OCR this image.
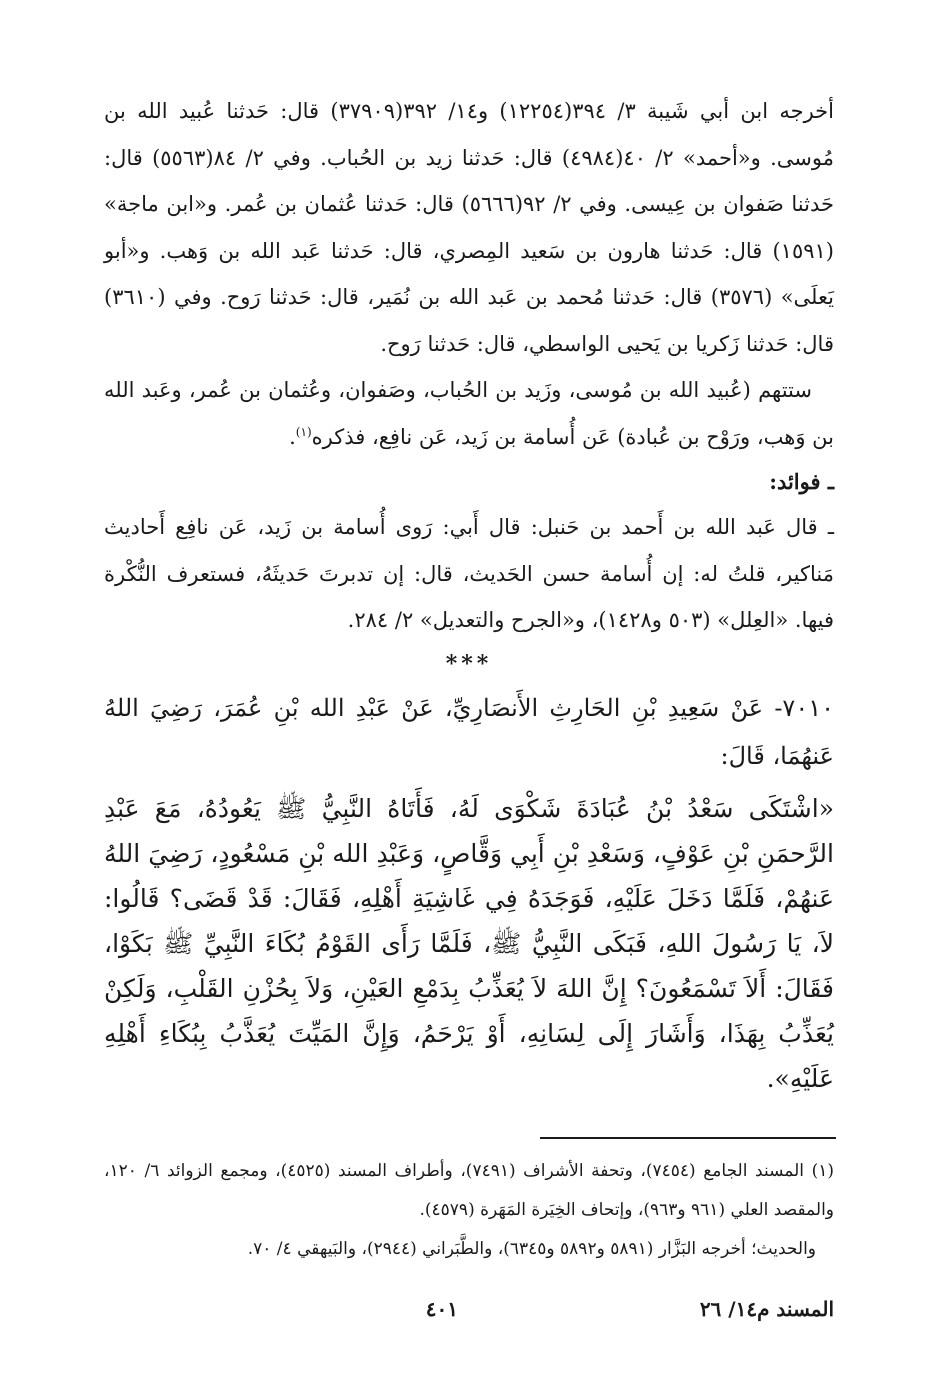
أخرجه ابن أبي شَيبة ٣/ ٣٩٤(١٢٢٥٤) و١٤/ ٣٩٢(٣٧٩٠٩) قال: حَدثنا عُبيد الله بن مُوسى. و«أحمد» ٢/ ٤٠(٤٩٨٤) قال: حَدثنا زيد بن الحُباب. وفي ٢/ ٨٤(٥٥٦٣) قال: حَدثنا صَفوان بن عِيسى. وفي ٢/ ٩٢(٥٦٦٦) قال: حَدثنا عُثمان بن عُمر. و«ابن ماجة» (١٥٩١) قال: حَدثنا هارون بن سَعيد المِصري، قال: حَدثنا عَبد الله بن وَهب. و«أبو يَعلَى» (٣٥٧٦) قال: حَدثنا مُحمد بن عَبد الله بن نُمَير، قال: حَدثنا رَوح. وفي (٣٦١٠) قال: حَدثنا زَكريا بن يَحيى الواسطي، قال: حَدثنا رَوح.

ستتهم (عُبيد الله بن مُوسى، وزَيد بن الحُباب، وصَفوان، وعُثمان بن عُمر، وعَبد الله بن وَهب، ورَوْح بن عُبادة) عَن أُسامة بن زَيد، عَن نافِع، فذكره$^{(١)}$.

ـ فوائد:

ـ قال عَبد الله بن أَحمد بن حَنبل: قال أَبي: رَوى أُسامة بن زَيد، عَن نافِع أَحاديث مَناكير، قلتُ له: إن أُسامة حسن الحَديث، قال: إن تدبرتَ حَديثَهُ، فستعرف النُّكْرة فيها. «العِلل» (٥٠٣ و١٤٢٨)، و«الجرح والتعديل» ٢/ ٢٨٤.

***

٧٠١٠- عَنْ سَعِيدِ بْنِ الحَارِثِ الأَنصَارِيِّ، عَنْ عَبْدِ الله بْنِ عُمَرَ، رَضِيَ اللهُ عَنهُمَا، قَالَ:

«اشْتَكَى سَعْدُ بْنُ عُبَادَةَ شَكْوَى لَهُ، فَأَتَاهُ النَّبِيُّ ﷺ يَعُودُهُ، مَعَ عَبْدِ الرَّحمَنِ بْنِ عَوْفٍ، وَسَعْدِ بْنِ أَبِي وَقَّاصٍ، وَعَبْدِ الله بْنِ مَسْعُودٍ، رَضِيَ اللهُ عَنهُمْ، فَلَمَّا دَخَلَ عَلَيْهِ، فَوَجَدَهُ فِي غَاشِيَةِ أَهْلِهِ، فَقَالَ: قَدْ قَضَى؟ قَالُوا: لاَ، يَا رَسُولَ اللهِ، فَبَكَى النَّبِيُّ ﷺ، فَلَمَّا رَأَى القَوْمُ بُكَاءَ النَّبِيِّ ﷺ بَكَوْا، فَقَالَ: أَلاَ تَسْمَعُونَ؟ إِنَّ اللهَ لاَ يُعَذِّبُ بِدَمْعِ العَيْنِ، وَلاَ بِحُزْنِ القَلْبِ، وَلَكِنْ يُعَذِّبُ بِهَذَا، وَأَشَارَ إِلَى لِسَانِهِ، أَوْ يَرْحَمُ، وَإِنَّ المَيِّتَ يُعَذَّبُ بِبُكَاءِ أَهْلِهِ عَلَيْهِ».

(١) المسند الجامع (٧٤٥٤)، وتحفة الأشراف (٧٤٩١)، وأطراف المسند (٤٥٢٥)، ومجمع الزوائد ٦/ ١٢٠، والمقصد العلي (٩٦١ و٩٦٣)، وإتحاف الخِيَرة المَهَرة (٤٥٧٩).

والحديث؛ أخرجه البَزَّار (٥٨٩١ و٥٨٩٢ و٦٣٤٥)، والطَّبَراني (٢٩٤٤)، والبَيهقي ٤/ ٧٠.

المسند م١٤/ ٢٦
٤٠١
